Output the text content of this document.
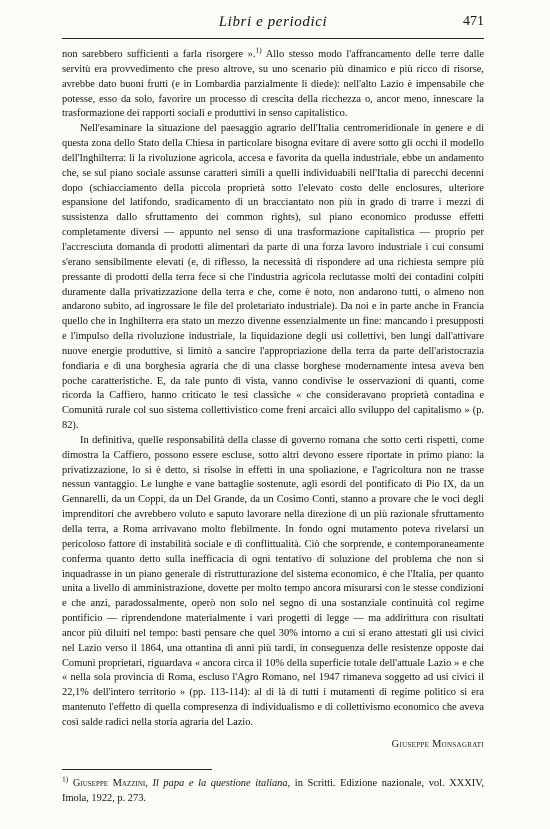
Libri e periodici	471

non sarebbero sufficienti a farla risorgere ».$^{1)}$ Allo stesso modo l'affrancamento delle terre dalle servitù era provvedimento che preso altrove, su uno scenario più dinamico e più ricco di risorse, avrebbe dato buoni frutti (e in Lombardia parzialmente li diede): nell'alto Lazio è impensabile che potesse, esso da solo, favorire un processo di crescita della ricchezza o, ancor meno, innescare la trasformazione dei rapporti sociali e produttivi in senso capitalistico.

Nell'esaminare la situazione del paesaggio agrario dell'Italia centromeridionale in genere e di questa zona dello Stato della Chiesa in particolare bisogna evitare di avere sotto gli occhi il modello dell'Inghilterra: lì la rivoluzione agricola, accesa e favorita da quella industriale, ebbe un andamento che, se sul piano sociale assunse caratteri simili a quelli individuabili nell'Italia di parecchi decenni dopo (schiacciamento della piccola proprietà sotto l'elevato costo delle enclosures, ulteriore espansione del latifondo, sradicamento di un bracciantato non più in grado di trarre i mezzi di sussistenza dallo sfruttamento dei common rights), sul piano economico produsse effetti completamente diversi — appunto nel senso di una trasformazione capitalistica — proprio per l'accresciuta domanda di prodotti alimentari da parte di una forza lavoro industriale i cui consumi s'erano sensibilmente elevati (e, di riflesso, la necessità di rispondere ad una richiesta sempre più pressante di prodotti della terra fece sì che l'industria agricola reclutasse molti dei contadini colpiti duramente dalla privatizzazione della terra e che, come è noto, non andarono tutti, o almeno non andarono subito, ad ingrossare le file del proletariato industriale). Da noi e in parte anche in Francia quello che in Inghilterra era stato un mezzo divenne essenzialmente un fine: mancando i presupposti e l'impulso della rivoluzione industriale, la liquidazione degli usi collettivi, ben lungi dall'attivare nuove energie produttive, si limitò a sancire l'appropriazione della terra da parte dell'aristocrazia fondiaria e di una borghesia agraria che di una classe borghese modernamente intesa aveva ben poche caratteristiche. E, da tale punto di vista, vanno condivise le osservazioni di quanti, come ricorda la Caffiero, hanno criticato le tesi classiche « che consideravano proprietà contadina e Comunità rurale col suo sistema collettivistico come freni arcaici allo sviluppo del capitalismo » (p. 82).

In definitiva, quelle responsabilità della classe di governo romana che sotto certi rispetti, come dimostra la Caffiero, possono essere escluse, sotto altri devono essere riportate in primo piano: la privatizzazione, lo si è detto, si risolse in effetti in una spoliazione, e l'agricoltura non ne trasse nessun vantaggio. Le lunghe e vane battaglie sostenute, agli esordi del pontificato di Pio IX, da un Gennarelli, da un Coppi, da un Del Grande, da un Cosimo Conti, stanno a provare che le voci degli imprenditori che avrebbero voluto e saputo lavorare nella direzione di un più razionale sfruttamento della terra, a Roma arrivavano molto flebilmente. In fondo ogni mutamento poteva rivelarsi un pericoloso fattore di instabilità sociale e di conflittualità. Ciò che sorprende, e contemporaneamente conferma quanto detto sulla inefficacia di ogni tentativo di soluzione del problema che non si inquadrasse in un piano generale di ristrutturazione del sistema economico, è che l'Italia, per quanto unita a livello di amministrazione, dovette per molto tempo ancora misurarsi con le stesse condizioni e che anzi, paradossalmente, operò non solo nel segno di una sostanziale continuità col regime pontificio — riprendendone materialmente i vari progetti di legge — ma addirittura con risultati ancor più diluiti nel tempo: basti pensare che quel 30% intorno a cui si erano attestati gli usi civici nel Lazio verso il 1864, una ottantina di anni più tardi, in conseguenza delle resistenze opposte dai Comuni proprietari, riguardava « ancora circa il 10% della superficie totale dell'attuale Lazio » e che « nella sola provincia di Roma, escluso l'Agro Romano, nel 1947 rimaneva soggetto ad usi civici il 22,1% dell'intero territorio » (pp. 113-114): al di là di tutti i mutamenti di regime politico si era mantenuto l'effetto di quella compresenza di individualismo e di collettivismo economico che aveva così salde radici nella storia agraria del Lazio.

Giuseppe Monsagrati
$^{1)}$ Giuseppe Mazzini, Il papa e la questione italiana, in Scritti. Edizione nazionale, vol. XXXIV, Imola, 1922, p. 273.
